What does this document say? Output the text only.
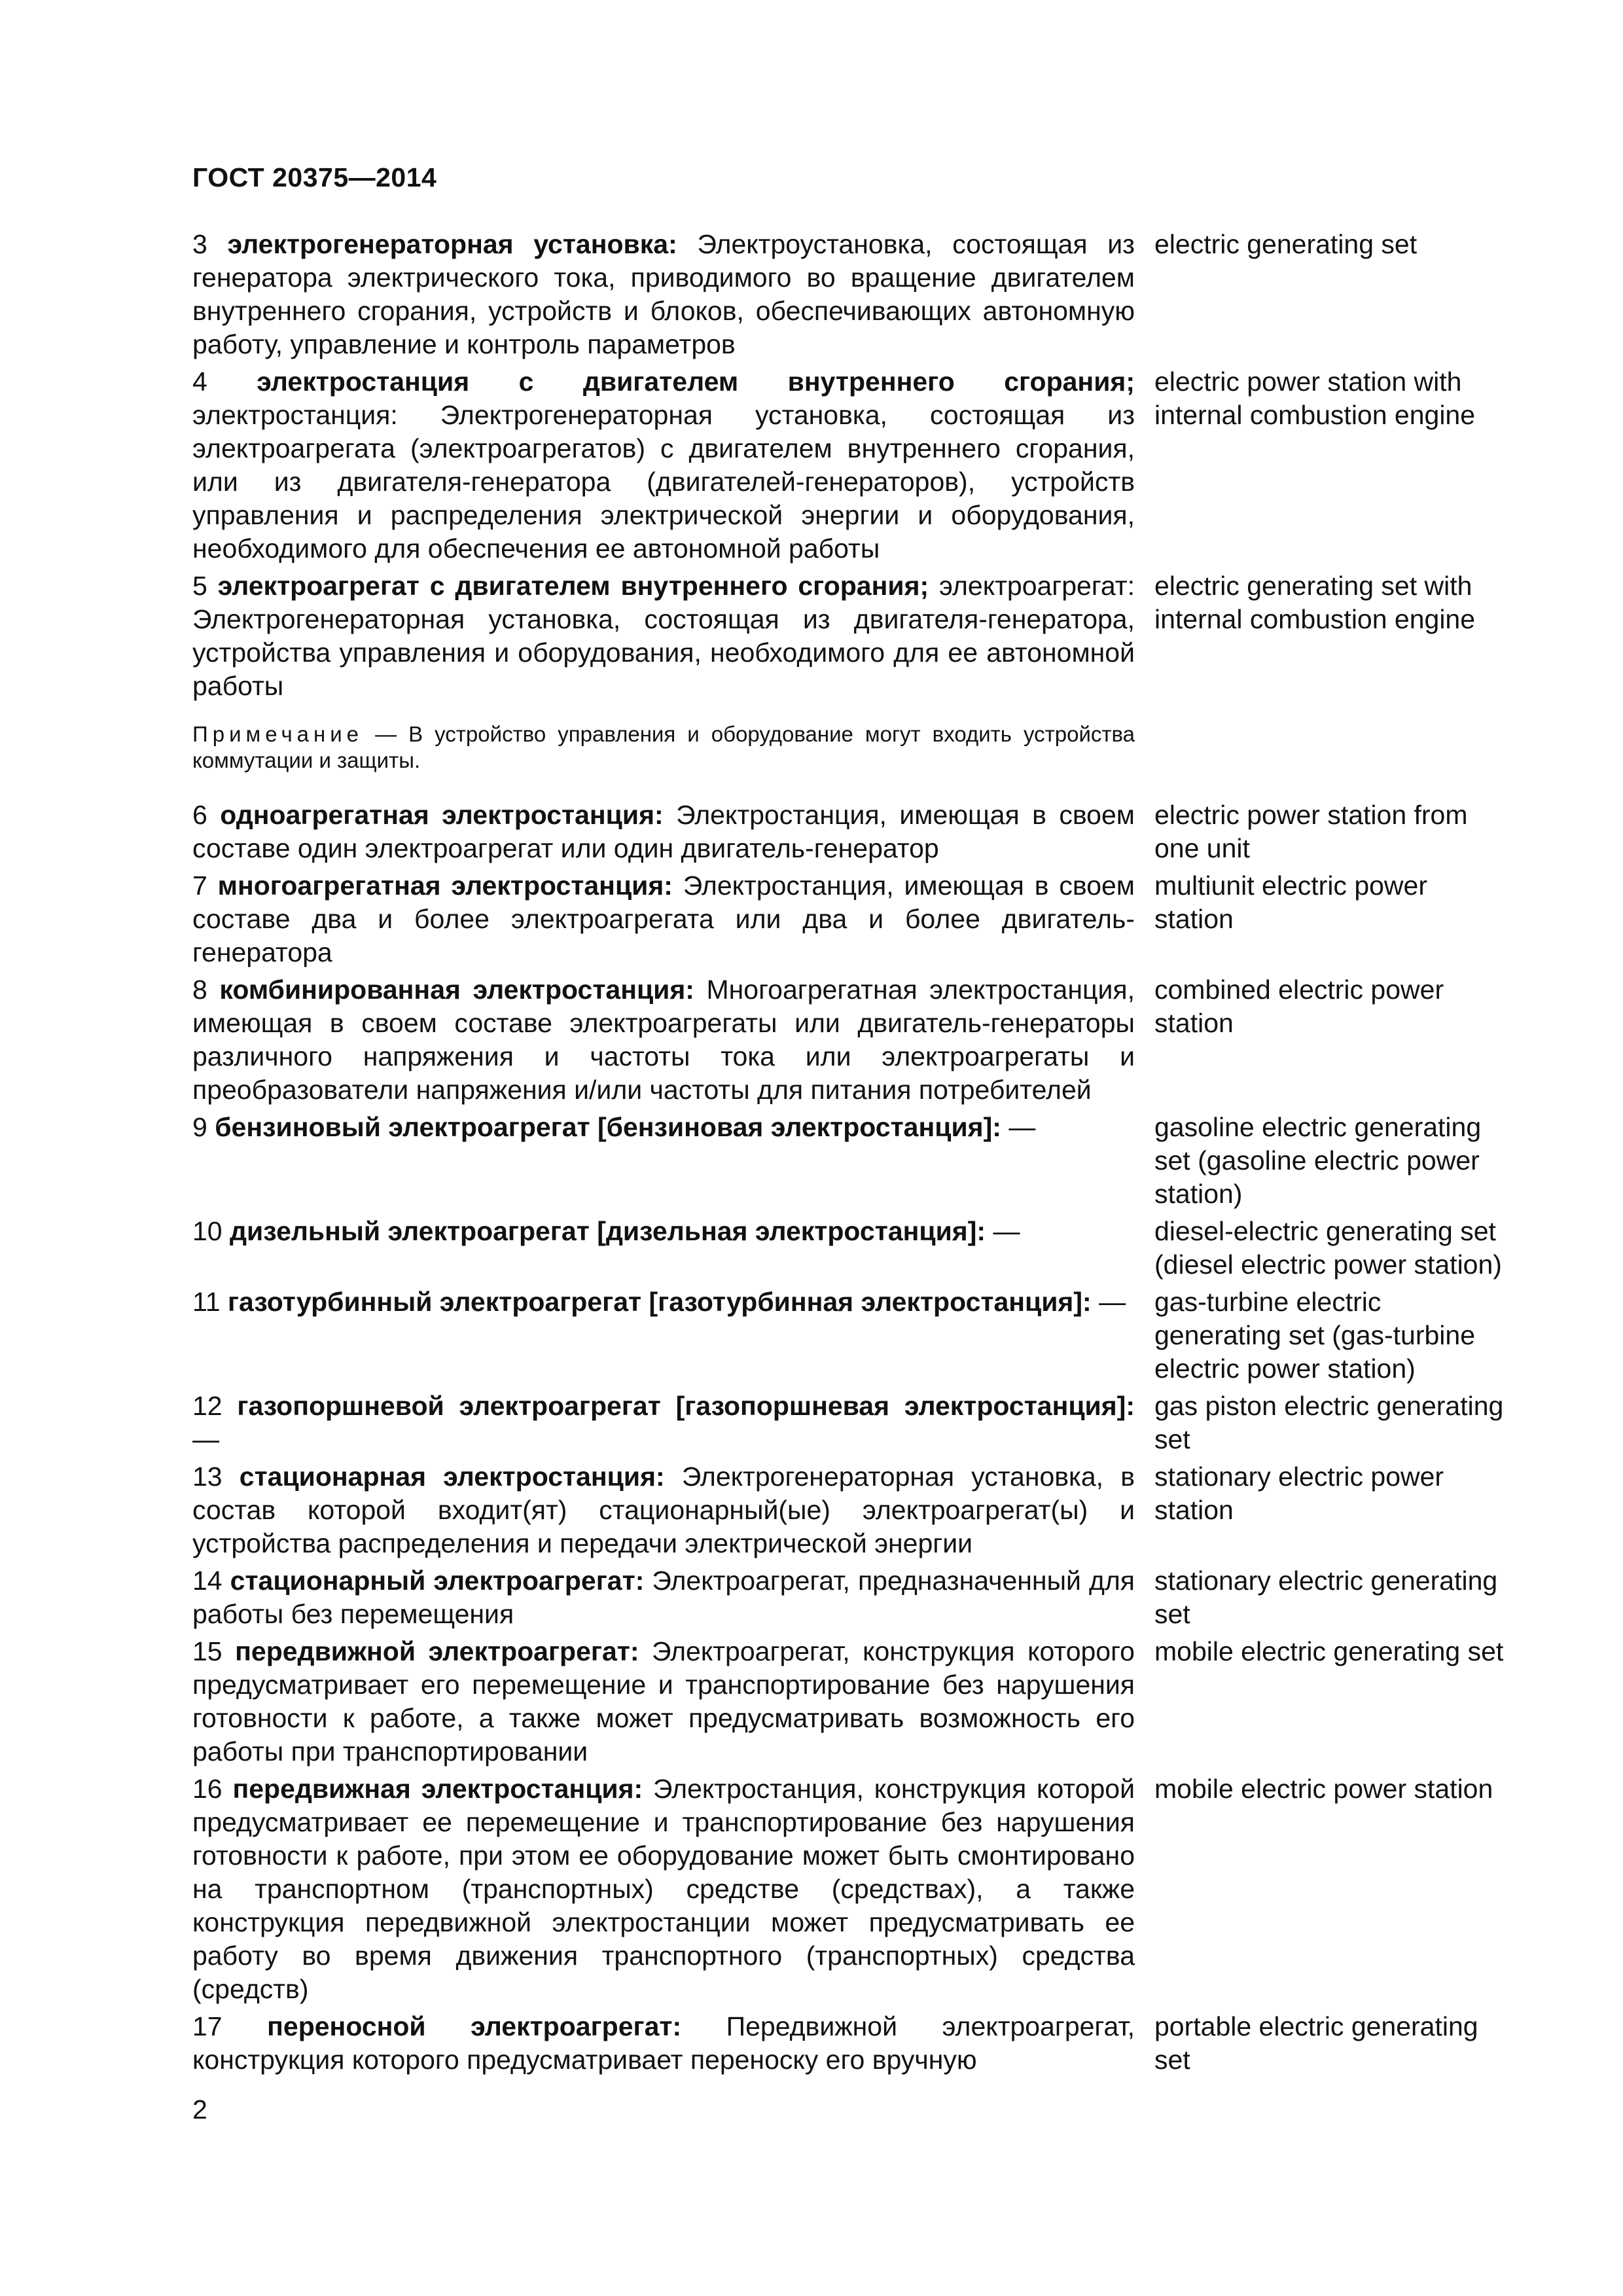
ГОСТ 20375—2014
3 электрогенераторная установка: Электроустановка, состоящая из генератора электрического тока, приводимого во вращение двигателем внутреннего сгорания, устройств и блоков, обеспечивающих автономную работу, управление и контроль параметров
electric generating set
4 электростанция с двигателем внутреннего сгорания; электростанция: Электрогенераторная установка, состоящая из электроагрегата (электроагрегатов) с двигателем внутреннего сгорания, или из двигателя-генератора (двигателей-генераторов), устройств управления и распределения электрической энергии и оборудования, необходимого для обеспечения ее автономной работы
electric power station with internal combustion engine
5 электроагрегат с двигателем внутреннего сгорания; электроагрегат: Электрогенераторная установка, состоящая из двигателя-генератора, устройства управления и оборудования, необходимого для ее автономной работы
electric generating set with internal combustion engine
Примечание — В устройство управления и оборудование могут входить устройства коммутации и защиты.
6 одноагрегатная электростанция: Электростанция, имеющая в своем составе один электроагрегат или один двигатель-генератор
electric power station from one unit
7 многоагрегатная электростанция: Электростанция, имеющая в своем составе два и более электроагрегата или два и более двигатель-генератора
multiunit electric power station
8 комбинированная электростанция: Многоагрегатная электростанция, имеющая в своем составе электроагрегаты или двигатель-генераторы различного напряжения и частоты тока или электроагрегаты и преобразователи напряжения и/или частоты для питания потребителей
combined electric power station
9 бензиновый электроагрегат [бензиновая электростанция]: —	gasoline electric generating set (gasoline electric power station)
10 дизельный электроагрегат [дизельная электростанция]: —	diesel-electric generating set (diesel electric power station)
11 газотурбинный электроагрегат [газотурбинная электростанция]: —	gas-turbine electric generating set (gas-turbine electric power station)
12 газопоршневой электроагрегат [газопоршневая электростанция]: —
gas piston electric generating set
13 стационарная электростанция: Электрогенераторная установка, в состав которой входит(ят) стационарный(ые) электроагрегат(ы) и устройства распределения и передачи электрической энергии
stationary electric power station
14 стационарный электроагрегат: Электроагрегат, предназначенный для работы без перемещения
stationary electric generating set
15 передвижной электроагрегат: Электроагрегат, конструкция которого предусматривает его перемещение и транспортирование без нарушения готовности к работе, а также может предусматривать возможность его работы при транспортировании
mobile electric generating set
16 передвижная электростанция: Электростанция, конструкция которой предусматривает ее перемещение и транспортирование без нарушения готовности к работе, при этом ее оборудование может быть смонтировано на транспортном (транспортных) средстве (средствах), а также конструкция передвижной электростанции может предусматривать ее работу во время движения транспортного (транспортных) средства (средств)
mobile electric power station
17 переносной электроагрегат: Передвижной электроагрегат, конструкция которого предусматривает переноску его вручную
portable electric generating set
2
